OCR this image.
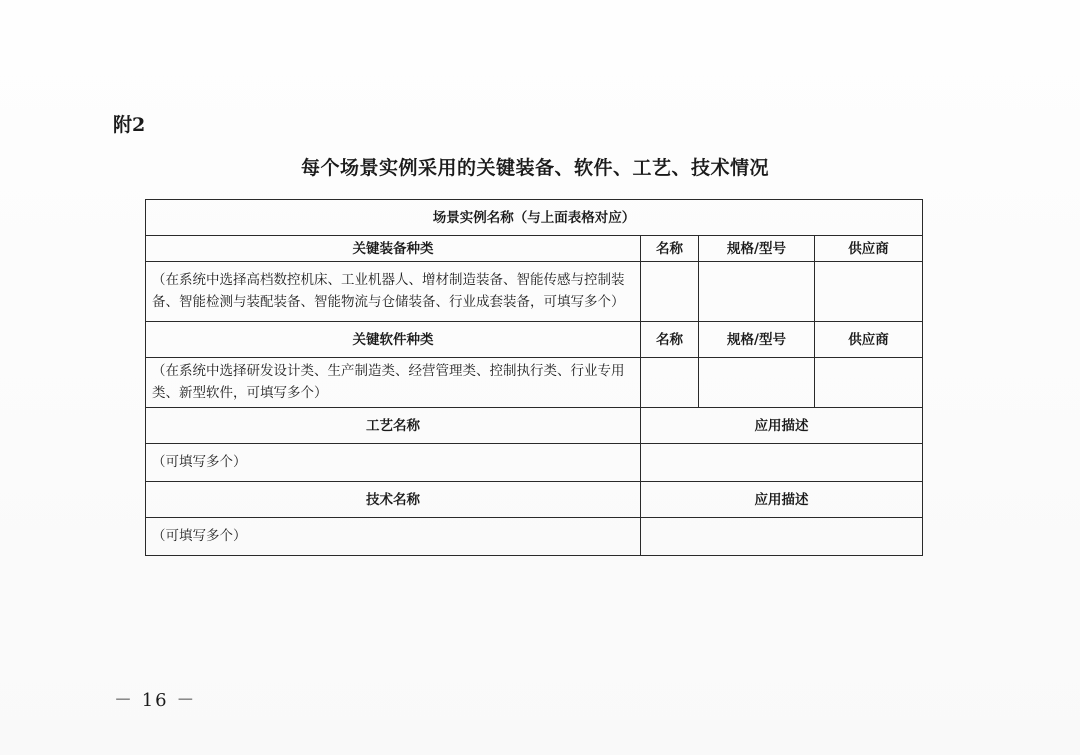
附2
每个场景实例采用的关键装备、软件、工艺、技术情况
场景实例名称（与上面表格对应）			
关键装备种类	名称	规格/型号	供应商
（在系统中选择高档数控机床、工业机器人、增材制造装备、智能传感与控制装备、智能检测与装配装备、智能物流与仓储装备、行业成套装备，可填写多个）			
关键软件种类	名称	规格/型号	供应商
（在系统中选择研发设计类、生产制造类、经营管理类、控制执行类、行业专用类、新型软件，可填写多个）			
工艺名称	应用描述		
（可填写多个）			
技术名称	应用描述		
（可填写多个）			
－ 16 －
